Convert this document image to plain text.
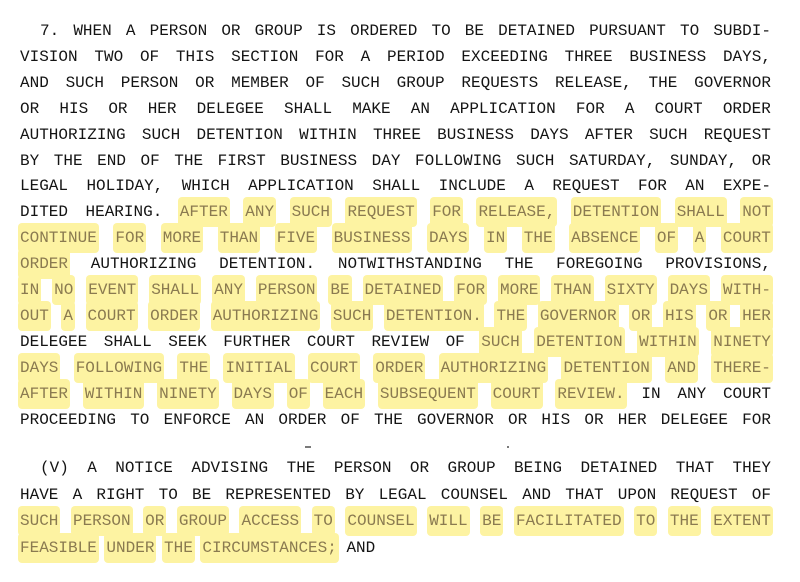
7. WHEN A PERSON OR GROUP IS ORDERED TO BE DETAINED PURSUANT TO SUBDI-
VISION TWO OF THIS SECTION FOR A PERIOD EXCEEDING THREE BUSINESS DAYS,
AND SUCH PERSON OR MEMBER OF SUCH GROUP REQUESTS RELEASE, THE GOVERNOR
OR HIS OR HER DELEGEE SHALL MAKE AN APPLICATION FOR A COURT ORDER
AUTHORIZING SUCH DETENTION WITHIN THREE BUSINESS DAYS AFTER SUCH REQUEST
BY THE END OF THE FIRST BUSINESS DAY FOLLOWING SUCH SATURDAY, SUNDAY, OR
LEGAL HOLIDAY, WHICH APPLICATION SHALL INCLUDE A REQUEST FOR AN EXPE-
DITED HEARING. AFTER ANY SUCH REQUEST FOR RELEASE, DETENTION SHALL NOT
CONTINUE FOR MORE THAN FIVE BUSINESS DAYS IN THE ABSENCE OF A COURT
ORDER AUTHORIZING DETENTION. NOTWITHSTANDING THE FOREGOING PROVISIONS,
IN NO EVENT SHALL ANY PERSON BE DETAINED FOR MORE THAN SIXTY DAYS WITH-
OUT A COURT ORDER AUTHORIZING SUCH DETENTION. THE GOVERNOR OR HIS OR HER
DELEGEE SHALL SEEK FURTHER COURT REVIEW OF SUCH DETENTION WITHIN NINETY
DAYS FOLLOWING THE INITIAL COURT ORDER AUTHORIZING DETENTION AND THERE-
AFTER WITHIN NINETY DAYS OF EACH SUBSEQUENT COURT REVIEW. IN ANY COURT
PROCEEDING TO ENFORCE AN ORDER OF THE GOVERNOR OR HIS OR HER DELEGEE FOR
(V) A NOTICE ADVISING THE PERSON OR GROUP BEING DETAINED THAT THEY
HAVE A RIGHT TO BE REPRESENTED BY LEGAL COUNSEL AND THAT UPON REQUEST OF
SUCH PERSON OR GROUP ACCESS TO COUNSEL WILL BE FACILITATED TO THE EXTENT
FEASIBLE UNDER THE CIRCUMSTANCES; AND
